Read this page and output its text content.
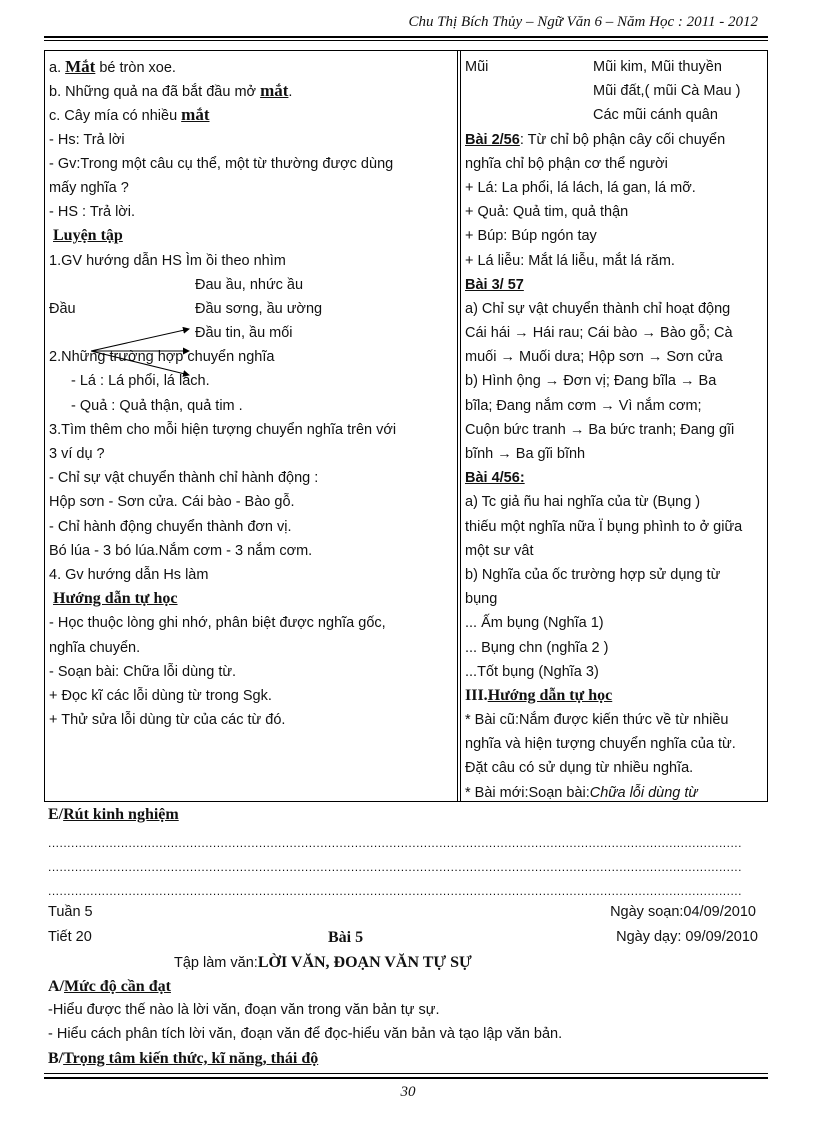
Chu Thị Bích Thủy – Ngữ Văn 6 – Năm Học : 2011 - 2012
a. Mắt bé tròn xoe.
b. Những quả na đã bắt đầu mở mắt.
c. Cây mía có nhiều mắt
- Hs: Trả lời
- Gv:Trong một câu cụ thể, một từ thường được dùng
mấy nghĩa ?
- HS : Trả lời.
Luyện tập
1.GV hướng dẫn HS Ìm ồi theo nhìm
Đau ầu, nhức ầu
Đầu	Đầu sơng, ầu ường
Đầu tin, ầu mối
2.Những trường hợp chuyển nghĩa
- Lá : Lá phổi, lá lách.
- Quả : Quả thận, quả tim .
3.Tìm thêm cho mỗi hiện tượng chuyển nghĩa trên với
3 ví dụ ?
- Chỉ sự vật chuyển thành chỉ hành động :
Hộp sơn - Sơn cửa. Cái bào - Bào gỗ.
- Chỉ hành động chuyển thành đơn vị.
Bó lúa - 3 bó lúa.Nắm cơm - 3 nắm cơm.
4. Gv hướng dẫn Hs làm
Hướng dẫn tự học
- Học thuộc lòng ghi nhớ, phân biệt được nghĩa gốc,
nghĩa chuyển.
- Soạn bài: Chữa lỗi dùng từ.
+ Đọc kĩ các lỗi dùng từ trong Sgk.
+ Thử sửa lỗi dùng từ của các từ đó.
Mũi	Mũi kim, Mũi thuyền
Mũi đất,( mũi Cà Mau )
Các mũi cánh quân
Bài 2/56: Từ chỉ bộ phận cây cối chuyển
nghĩa chỉ bộ phận cơ thể người
+ Lá: La phổi, lá lách, lá gan, lá mỡ.
+ Quả: Quả tim, quả thận
+ Búp: Búp ngón tay
+ Lá liễu: Mắt lá liễu, mắt lá răm.
Bài 3/ 57
a) Chỉ sự vật chuyển thành chỉ hoạt động
Cái hái → Hái rau; Cái bào → Bào gỗ; Cà
muối → Muối dưa; Hộp sơn → Sơn cửa
b) Hình ộng → Đơn vị; Đang bĩla → Ba
bĩla; Đang nắm cơm → Vì nắm cơm;
Cuộn bức tranh → Ba bức tranh; Đang gĩi
bĩnh → Ba gĩi bĩnh
Bài 4/56:
a) Tc giả ñu hai nghĩa của từ (Bụng )
thiếu một nghĩa nữa Ï bụng phình to ở giữa
một sư vât
b) Nghĩa của ốc trường hợp sử dụng từ
bụng
... Ấm bụng (Nghĩa 1)
... Bụng chn (nghĩa 2 )
...Tốt bụng (Nghĩa 3)
III.Hướng dẫn tự học
* Bài cũ:Nắm được kiến thức về từ nhiều
nghĩa và hiện tượng chuyển nghĩa của từ.
Đặt câu có sử dụng từ nhiều nghĩa.
* Bài mới:Soạn bài:Chữa lỗi dùng từ
E/Rút kinh nghiệm
.....................................................................................................................................................................................
.....................................................................................................................................................................................
.....................................................................................................................................................................................
Tuần 5	Ngày soạn:04/09/2010
Tiết 20	Bài 5	Ngày dạy: 09/09/2010
Tập làm văn:LỜI VĂN, ĐOẠN VĂN TỰ SỰ
A/Mức độ cần đạt
-Hiểu được thế nào là lời văn, đoạn văn trong văn bản tự sự.
- Hiểu cách phân tích lời văn, đoạn văn để đọc-hiểu văn bản và tạo lập văn bản.
B/Trọng tâm kiến thức, kĩ năng, thái độ
30
